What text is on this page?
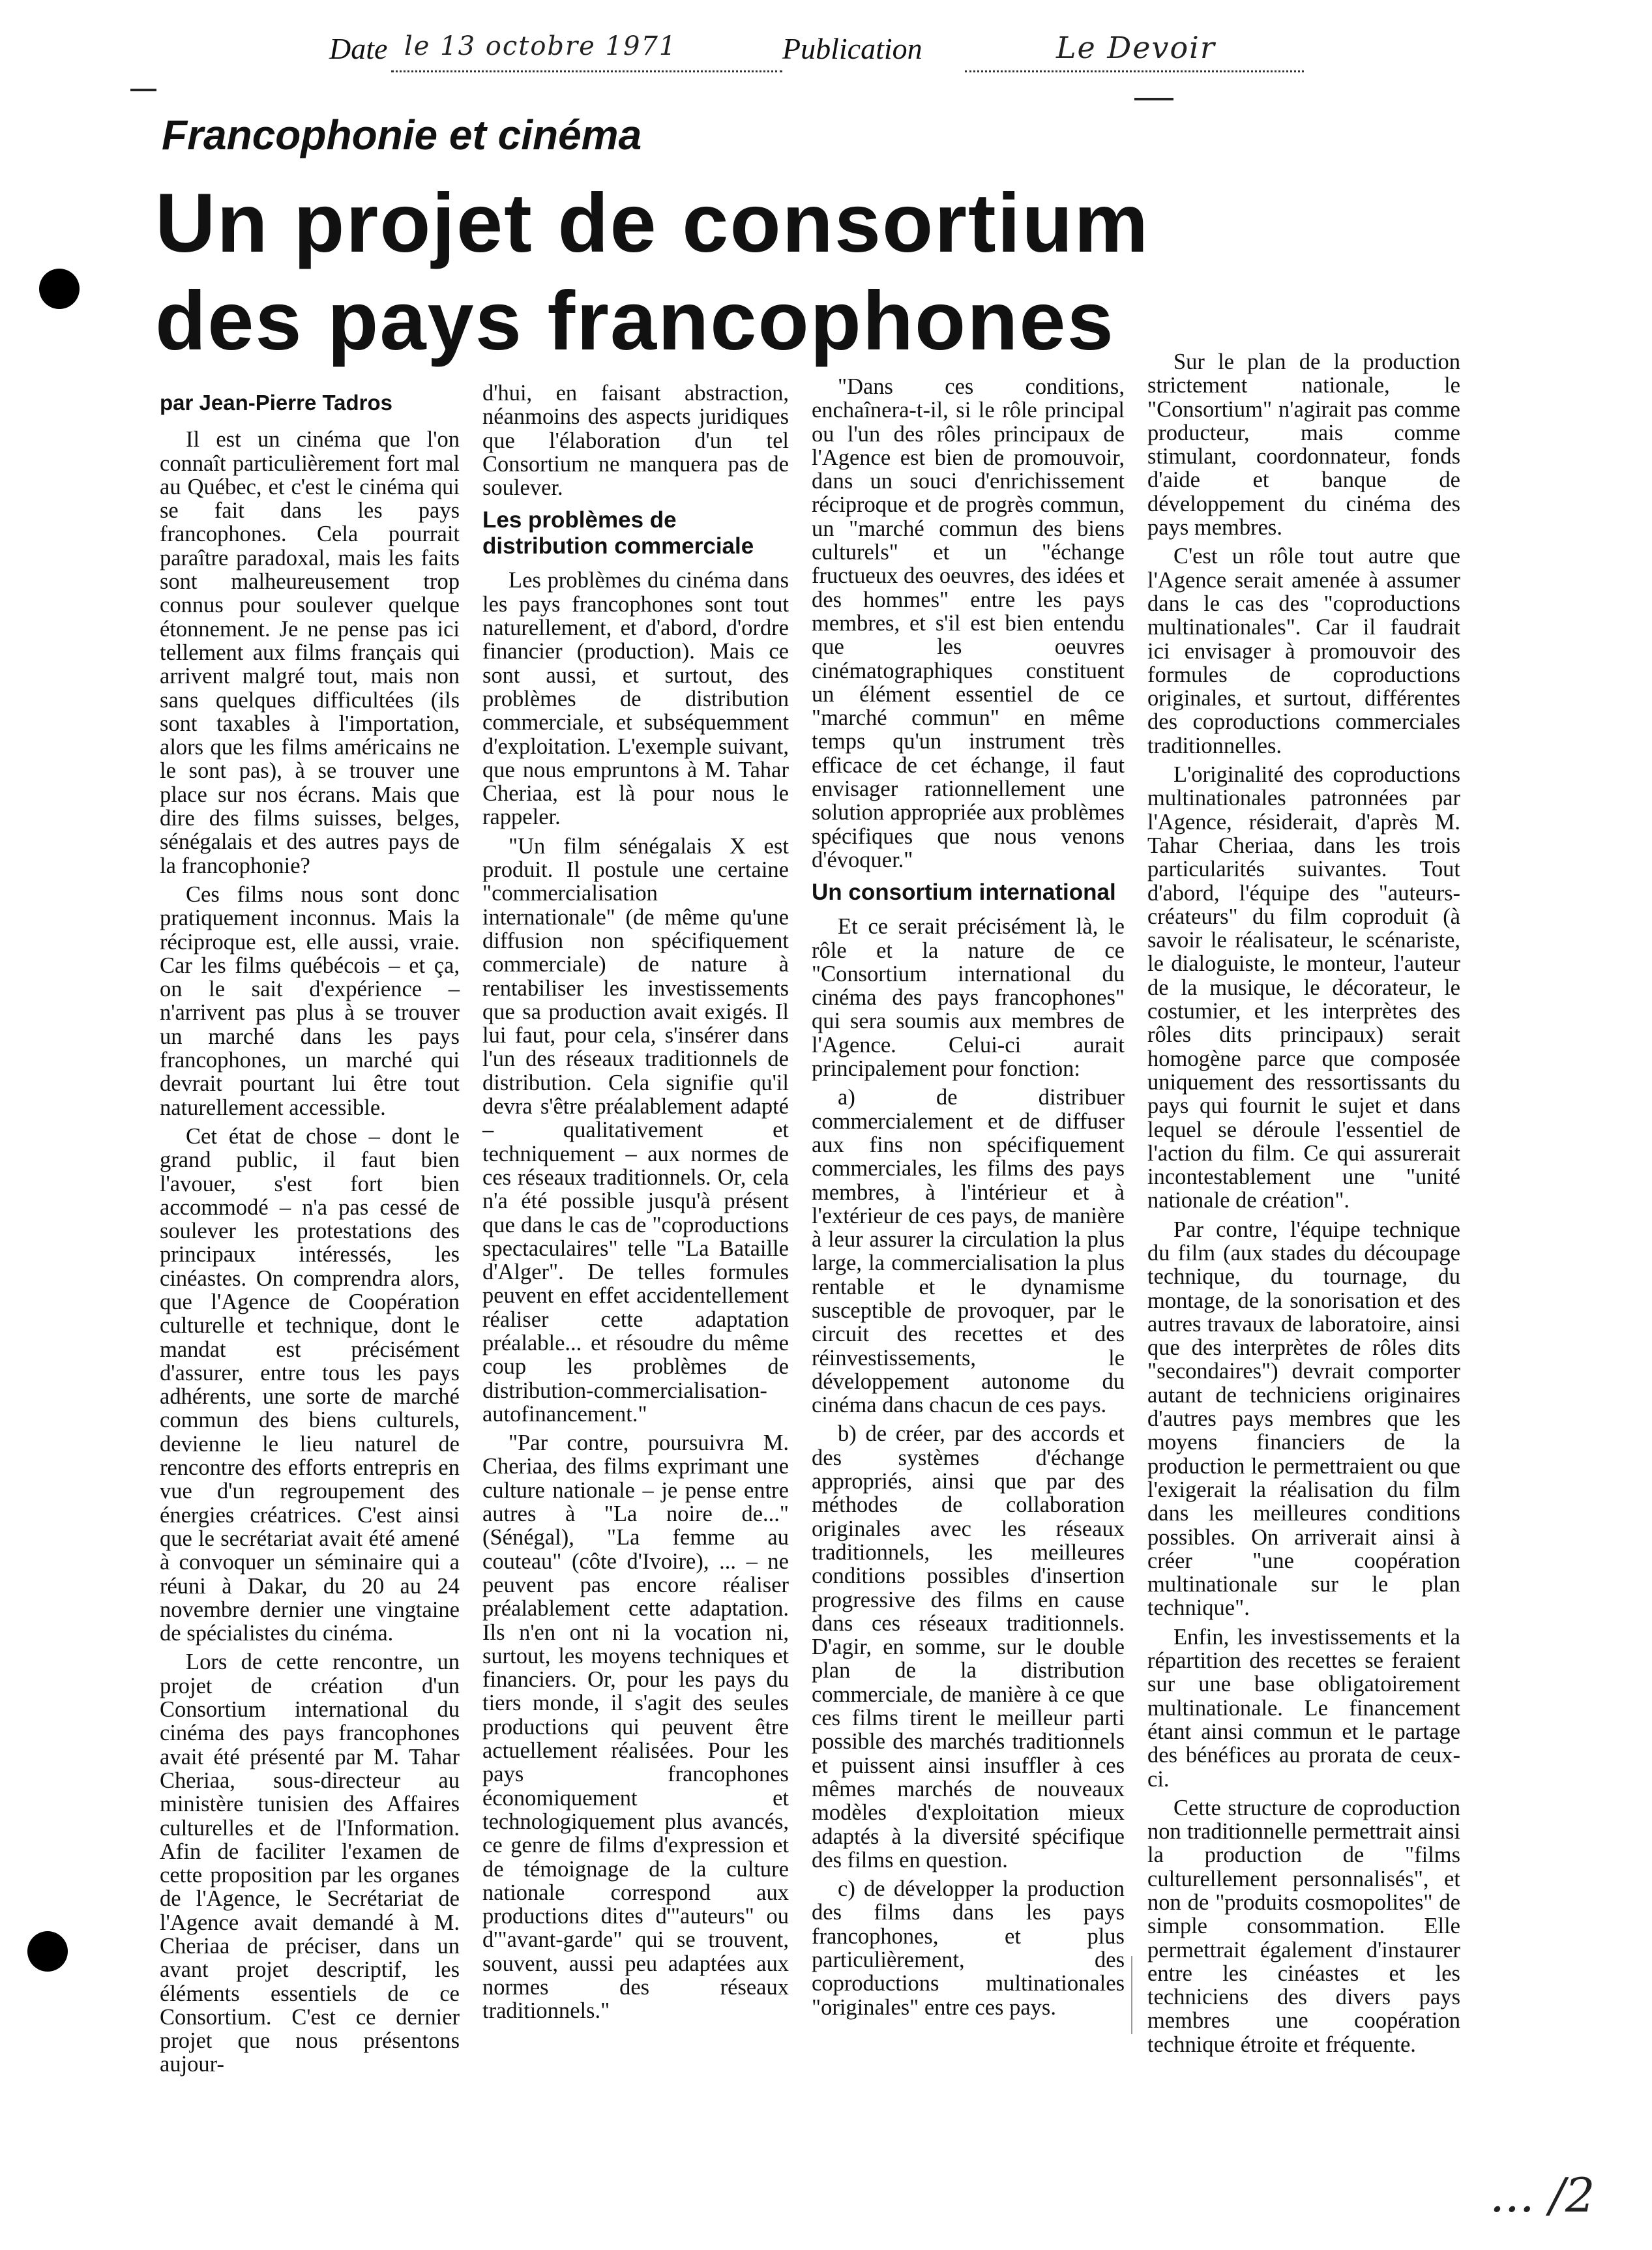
Date le 13 octobre 1971	Publication	Le Devoir
Francophonie et cinéma
Un projet de consortium
des pays francophones
par Jean-Pierre Tadros

Il est un cinéma que l'on connaît particulièrement fort mal au Québec, et c'est le cinéma qui se fait dans les pays francophones. Cela pourrait paraître paradoxal, mais les faits sont malheureusement trop connus pour soulever quelque étonnement. Je ne pense pas ici tellement aux films français qui arrivent malgré tout, mais non sans quelques difficultées (ils sont taxables à l'importation, alors que les films américains ne le sont pas), à se trouver une place sur nos écrans. Mais que dire des films suisses, belges, sénégalais et des autres pays de la francophonie?

Ces films nous sont donc pratiquement inconnus. Mais la réciproque est, elle aussi, vraie. Car les films québécois – et ça, on le sait d'expérience – n'arrivent pas plus à se trouver un marché dans les pays francophones, un marché qui devrait pourtant lui être tout naturellement accessible.

Cet état de chose – dont le grand public, il faut bien l'avouer, s'est fort bien accommodé – n'a pas cessé de soulever les protestations des principaux intéressés, les cinéastes. On comprendra alors, que l'Agence de Coopération culturelle et technique, dont le mandat est précisément d'assurer, entre tous les pays adhérents, une sorte de marché commun des biens culturels, devienne le lieu naturel de rencontre des efforts entrepris en vue d'un regroupement des énergies créatrices. C'est ainsi que le secrétariat avait été amené à convoquer un séminaire qui a réuni à Dakar, du 20 au 24 novembre dernier une vingtaine de spécialistes du cinéma.

Lors de cette rencontre, un projet de création d'un Consortium international du cinéma des pays francophones avait été présenté par M. Tahar Cheriaa, sous-directeur au ministère tunisien des Affaires culturelles et de l'Information. Afin de faciliter l'examen de cette proposition par les organes de l'Agence, le Secrétariat de l'Agence avait demandé à M. Cheriaa de préciser, dans un avant projet descriptif, les éléments essentiels de ce Consortium. C'est ce dernier projet que nous présentons aujour-

d'hui, en faisant abstraction, néanmoins des aspects juridiques que l'élaboration d'un tel Consortium ne manquera pas de soulever.

Les problèmes de distribution commerciale

Les problèmes du cinéma dans les pays francophones sont tout naturellement, et d'abord, d'ordre financier (production). Mais ce sont aussi, et surtout, des problèmes de distribution commerciale, et subséquemment d'exploitation. L'exemple suivant, que nous empruntons à M. Tahar Cheriaa, est là pour nous le rappeler.

"Un film sénégalais X est produit. Il postule une certaine "commercialisation internationale" (de même qu'une diffusion non spécifiquement commerciale) de nature à rentabiliser les investissements que sa production avait exigés. Il lui faut, pour cela, s'insérer dans l'un des réseaux traditionnels de distribution. Cela signifie qu'il devra s'être préalablement adapté – qualitativement et techniquement – aux normes de ces réseaux traditionnels. Or, cela n'a été possible jusqu'à présent que dans le cas de "coproductions spectaculaires" telle "La Bataille d'Alger". De telles formules peuvent en effet accidentellement réaliser cette adaptation préalable... et résoudre du même coup les problèmes de distribution-commercialisation-autofinancement."

"Par contre, poursuivra M. Cheriaa, des films exprimant une culture nationale – je pense entre autres à "La noire de..." (Sénégal), "La femme au couteau" (côte d'Ivoire), ... – ne peuvent pas encore réaliser préalablement cette adaptation. Ils n'en ont ni la vocation ni, surtout, les moyens techniques et financiers. Or, pour les pays du tiers monde, il s'agit des seules productions qui peuvent être actuellement réalisées. Pour les pays francophones économiquement et technologiquement plus avancés, ce genre de films d'expression et de témoignage de la culture nationale correspond aux productions dites d'"auteurs" ou d'"avant-garde" qui se trouvent, souvent, aussi peu adaptées aux normes des réseaux traditionnels."

"Dans ces conditions, enchaînera-t-il, si le rôle principal ou l'un des rôles principaux de l'Agence est bien de promouvoir, dans un souci d'enrichissement réciproque et de progrès commun, un "marché commun des biens culturels" et un "échange fructueux des oeuvres, des idées et des hommes" entre les pays membres, et s'il est bien entendu que les oeuvres cinématographiques constituent un élément essentiel de ce "marché commun" en même temps qu'un instrument très efficace de cet échange, il faut envisager rationnellement une solution appropriée aux problèmes spécifiques que nous venons d'évoquer."

Un consortium international

Et ce serait précisément là, le rôle et la nature de ce "Consortium international du cinéma des pays francophones" qui sera soumis aux membres de l'Agence. Celui-ci aurait principalement pour fonction:

a) de distribuer commercialement et de diffuser aux fins non spécifiquement commerciales, les films des pays membres, à l'intérieur et à l'extérieur de ces pays, de manière à leur assurer la circulation la plus large, la commercialisation la plus rentable et le dynamisme susceptible de provoquer, par le circuit des recettes et des réinvestissements, le développement autonome du cinéma dans chacun de ces pays.

b) de créer, par des accords et des systèmes d'échange appropriés, ainsi que par des méthodes de collaboration originales avec les réseaux traditionnels, les meilleures conditions possibles d'insertion progressive des films en cause dans ces réseaux traditionnels. D'agir, en somme, sur le double plan de la distribution commerciale, de manière à ce que ces films tirent le meilleur parti possible des marchés traditionnels et puissent ainsi insuffler à ces mêmes marchés de nouveaux modèles d'exploitation mieux adaptés à la diversité spécifique des films en question.

c) de développer la production des films dans les pays francophones, et plus particulièrement, des coproductions multinationales "originales" entre ces pays.

Sur le plan de la production strictement nationale, le "Consortium" n'agirait pas comme producteur, mais comme stimulant, coordonnateur, fonds d'aide et banque de développement du cinéma des pays membres.

C'est un rôle tout autre que l'Agence serait amenée à assumer dans le cas des "coproductions multinationales". Car il faudrait ici envisager à promouvoir des formules de coproductions originales, et surtout, différentes des coproductions commerciales traditionnelles.

L'originalité des coproductions multinationales patronnées par l'Agence, résiderait, d'après M. Tahar Cheriaa, dans les trois particularités suivantes. Tout d'abord, l'équipe des "auteurs-créateurs" du film coproduit (à savoir le réalisateur, le scénariste, le dialoguiste, le monteur, l'auteur de la musique, le décorateur, le costumier, et les interprètes des rôles dits principaux) serait homogène parce que composée uniquement des ressortissants du pays qui fournit le sujet et dans lequel se déroule l'essentiel de l'action du film. Ce qui assurerait incontestablement une "unité nationale de création".

Par contre, l'équipe technique du film (aux stades du découpage technique, du tournage, du montage, de la sonorisation et des autres travaux de laboratoire, ainsi que des interprètes de rôles dits "secondaires") devrait comporter autant de techniciens originaires d'autres pays membres que les moyens financiers de la production le permettraient ou que l'exigerait la réalisation du film dans les meilleures conditions possibles. On arriverait ainsi à créer "une coopération multinationale sur le plan technique".

Enfin, les investissements et la répartition des recettes se feraient sur une base obligatoirement multinationale. Le financement étant ainsi commun et le partage des bénéfices au prorata de ceux-ci.

Cette structure de coproduction non traditionnelle permettrait ainsi la production de "films culturellement personnalisés", et non de "produits cosmopolites" de simple consommation. Elle permettrait également d'instaurer entre les cinéastes et les techniciens des divers pays membres une coopération technique étroite et fréquente.

... /2
